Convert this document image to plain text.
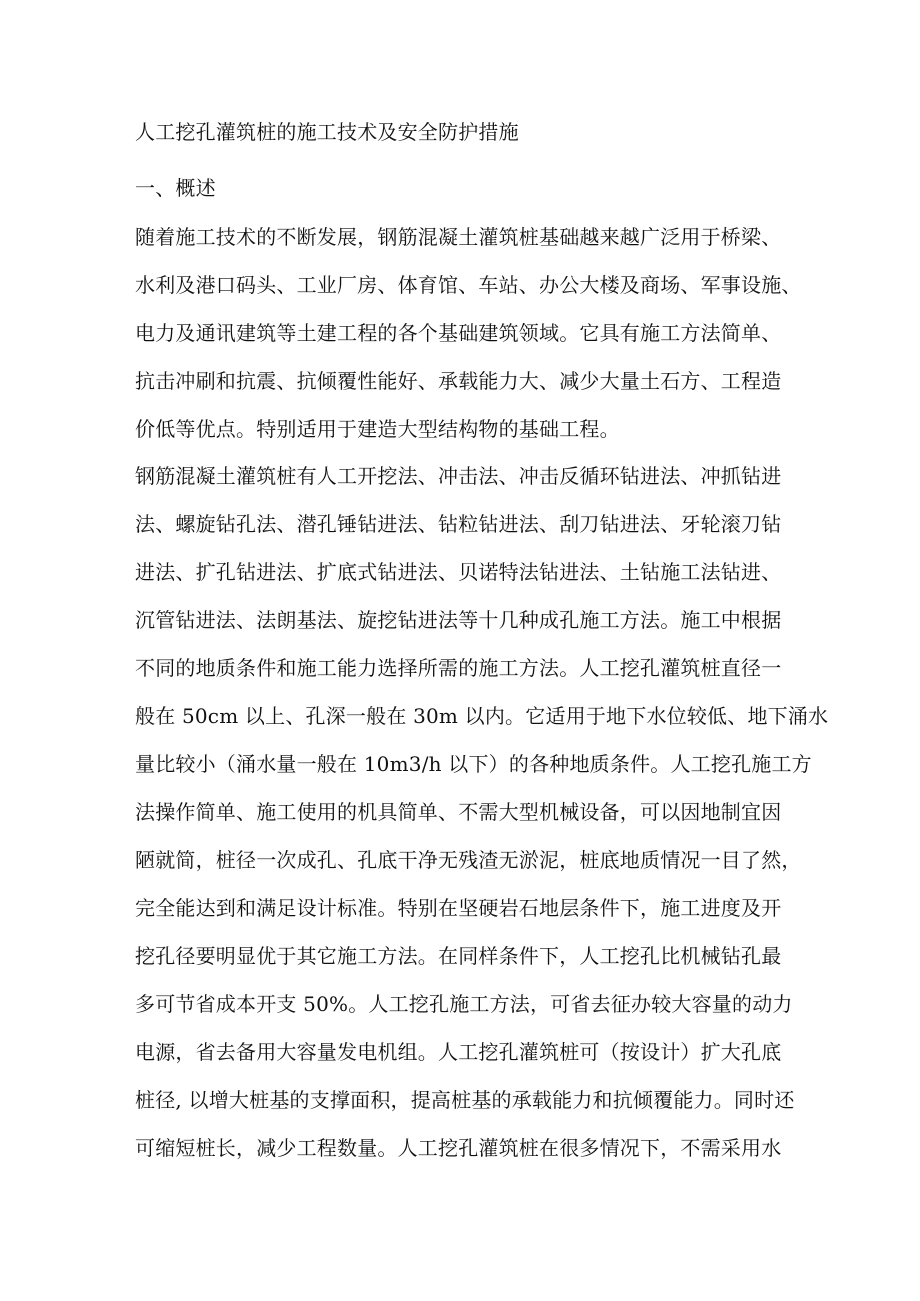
人工挖孔灌筑桩的施工技术及安全防护措施
一、概述
随着施工技术的不断发展，钢筋混凝土灌筑桩基础越来越广泛用于桥梁、
水利及港口码头、工业厂房、体育馆、车站、办公大楼及商场、军事设施、
电力及通讯建筑等土建工程的各个基础建筑领域。它具有施工方法简单、
抗击冲刷和抗震、抗倾覆性能好、承载能力大、减少大量土石方、工程造
价低等优点。特别适用于建造大型结构物的基础工程。
钢筋混凝土灌筑桩有人工开挖法、冲击法、冲击反循环钻进法、冲抓钻进
法、螺旋钻孔法、潜孔锤钻进法、钻粒钻进法、刮刀钻进法、牙轮滚刀钻
进法、扩孔钻进法、扩底式钻进法、贝诺特法钻进法、土钻施工法钻进、
沉管钻进法、法朗基法、旋挖钻进法等十几种成孔施工方法。施工中根据
不同的地质条件和施工能力选择所需的施工方法。人工挖孔灌筑桩直径一
般在 50cm 以上、孔深一般在 30m 以内。它适用于地下水位较低、地下涌水
量比较小（涌水量一般在 10m3/h 以下）的各种地质条件。人工挖孔施工方
法操作简单、施工使用的机具简单、不需大型机械设备，可以因地制宜因
陋就简，桩径一次成孔、孔底干净无残渣无淤泥，桩底地质情况一目了然，
完全能达到和满足设计标准。特别在坚硬岩石地层条件下，施工进度及开
挖孔径要明显优于其它施工方法。在同样条件下，人工挖孔比机械钻孔最
多可节省成本开支 50%。人工挖孔施工方法，可省去征办较大容量的动力
电源，省去备用大容量发电机组。人工挖孔灌筑桩可（按设计）扩大孔底
桩径, 以增大桩基的支撑面积，提高桩基的承载能力和抗倾覆能力。同时还
可缩短桩长，减少工程数量。人工挖孔灌筑桩在很多情况下，不需采用水
